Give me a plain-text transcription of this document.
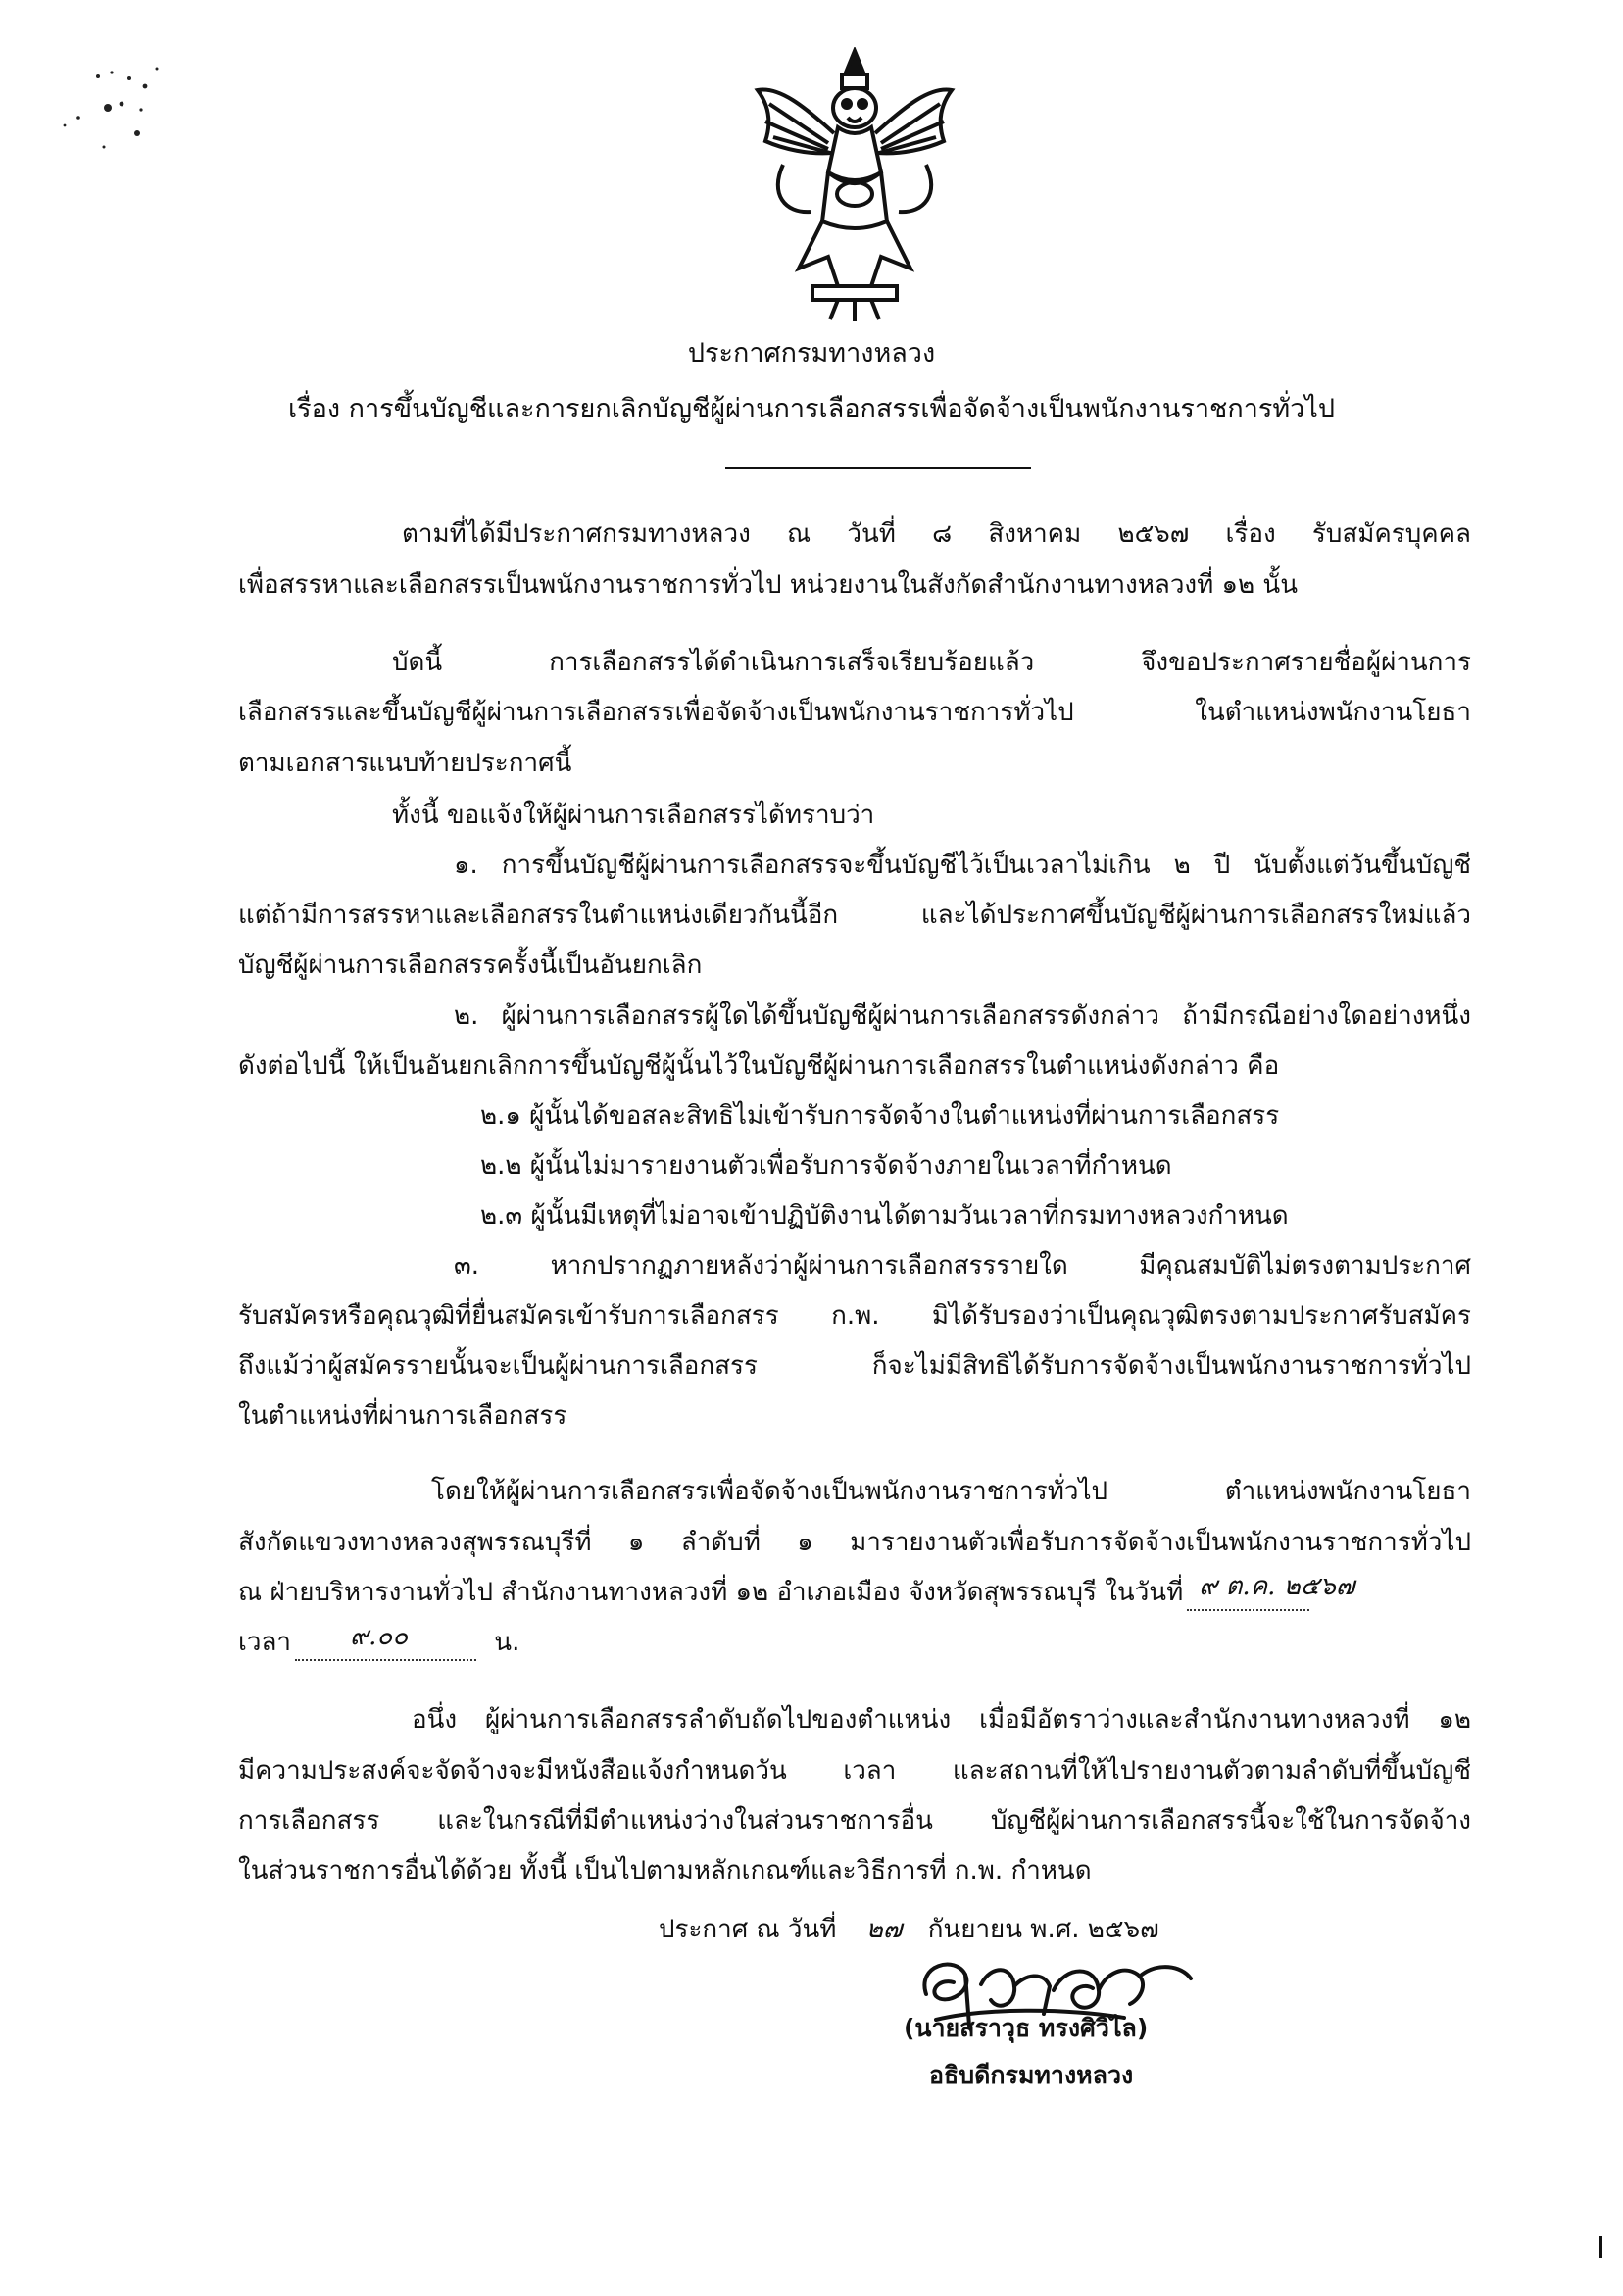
ประกาศกรมทางหลวง
เรื่อง การขึ้นบัญชีและการยกเลิกบัญชีผู้ผ่านการเลือกสรรเพื่อจัดจ้างเป็นพนักงานราชการทั่วไป
ตามที่ได้มีประกาศกรมทางหลวง ณ วันที่ ๘ สิงหาคม ๒๕๖๗ เรื่อง รับสมัครบุคคล
เพื่อสรรหาและเลือกสรรเป็นพนักงานราชการทั่วไป หน่วยงานในสังกัดสำนักงานทางหลวงที่ ๑๒ นั้น
บัดนี้ การเลือกสรรได้ดำเนินการเสร็จเรียบร้อยแล้ว จึงขอประกาศรายชื่อผู้ผ่านการ
เลือกสรรและขึ้นบัญชีผู้ผ่านการเลือกสรรเพื่อจัดจ้างเป็นพนักงานราชการทั่วไป ในตำแหน่งพนักงานโยธา
ตามเอกสารแนบท้ายประกาศนี้
ทั้งนี้ ขอแจ้งให้ผู้ผ่านการเลือกสรรได้ทราบว่า
๑. การขึ้นบัญชีผู้ผ่านการเลือกสรรจะขึ้นบัญชีไว้เป็นเวลาไม่เกิน ๒ ปี นับตั้งแต่วันขึ้นบัญชี
แต่ถ้ามีการสรรหาและเลือกสรรในตำแหน่งเดียวกันนี้อีก และได้ประกาศขึ้นบัญชีผู้ผ่านการเลือกสรรใหม่แล้ว
บัญชีผู้ผ่านการเลือกสรรครั้งนี้เป็นอันยกเลิก
๒. ผู้ผ่านการเลือกสรรผู้ใดได้ขึ้นบัญชีผู้ผ่านการเลือกสรรดังกล่าว ถ้ามีกรณีอย่างใดอย่างหนึ่ง
ดังต่อไปนี้ ให้เป็นอันยกเลิกการขึ้นบัญชีผู้นั้นไว้ในบัญชีผู้ผ่านการเลือกสรรในตำแหน่งดังกล่าว คือ
๒.๑ ผู้นั้นได้ขอสละสิทธิไม่เข้ารับการจัดจ้างในตำแหน่งที่ผ่านการเลือกสรร
๒.๒ ผู้นั้นไม่มารายงานตัวเพื่อรับการจัดจ้างภายในเวลาที่กำหนด
๒.๓ ผู้นั้นมีเหตุที่ไม่อาจเข้าปฏิบัติงานได้ตามวันเวลาที่กรมทางหลวงกำหนด
๓. หากปรากฏภายหลังว่าผู้ผ่านการเลือกสรรรายใด มีคุณสมบัติไม่ตรงตามประกาศ
รับสมัครหรือคุณวุฒิที่ยื่นสมัครเข้ารับการเลือกสรร ก.พ. มิได้รับรองว่าเป็นคุณวุฒิตรงตามประกาศรับสมัคร
ถึงแม้ว่าผู้สมัครรายนั้นจะเป็นผู้ผ่านการเลือกสรร ก็จะไม่มีสิทธิได้รับการจัดจ้างเป็นพนักงานราชการทั่วไป
ในตำแหน่งที่ผ่านการเลือกสรร
โดยให้ผู้ผ่านการเลือกสรรเพื่อจัดจ้างเป็นพนักงานราชการทั่วไป ตำแหน่งพนักงานโยธา
สังกัดแขวงทางหลวงสุพรรณบุรีที่ ๑ ลำดับที่ ๑ มารายงานตัวเพื่อรับการจัดจ้างเป็นพนักงานราชการทั่วไป
ณ ฝ่ายบริหารงานทั่วไป สำนักงานทางหลวงที่ ๑๒ อำเภอเมือง จังหวัดสุพรรณบุรี ในวันที่ ๙ ต.ค. ๒๕๖๗

เวลา ๙.๐๐	น.
อนึ่ง ผู้ผ่านการเลือกสรรลำดับถัดไปของตำแหน่ง เมื่อมีอัตราว่างและสำนักงานทางหลวงที่ ๑๒
มีความประสงค์จะจัดจ้างจะมีหนังสือแจ้งกำหนดวัน เวลา และสถานที่ให้ไปรายงานตัวตามลำดับที่ขึ้นบัญชี
การเลือกสรร และในกรณีที่มีตำแหน่งว่างในส่วนราชการอื่น บัญชีผู้ผ่านการเลือกสรรนี้จะใช้ในการจัดจ้าง
ในส่วนราชการอื่นได้ด้วย ทั้งนี้ เป็นไปตามหลักเกณฑ์และวิธีการที่ ก.พ. กำหนด
ประกาศ ณ วันที่ ๒๗ กันยายน พ.ศ. ๒๕๖๗
(นายสราวุธ ทรงศิวิไล)
อธิบดีกรมทางหลวง
